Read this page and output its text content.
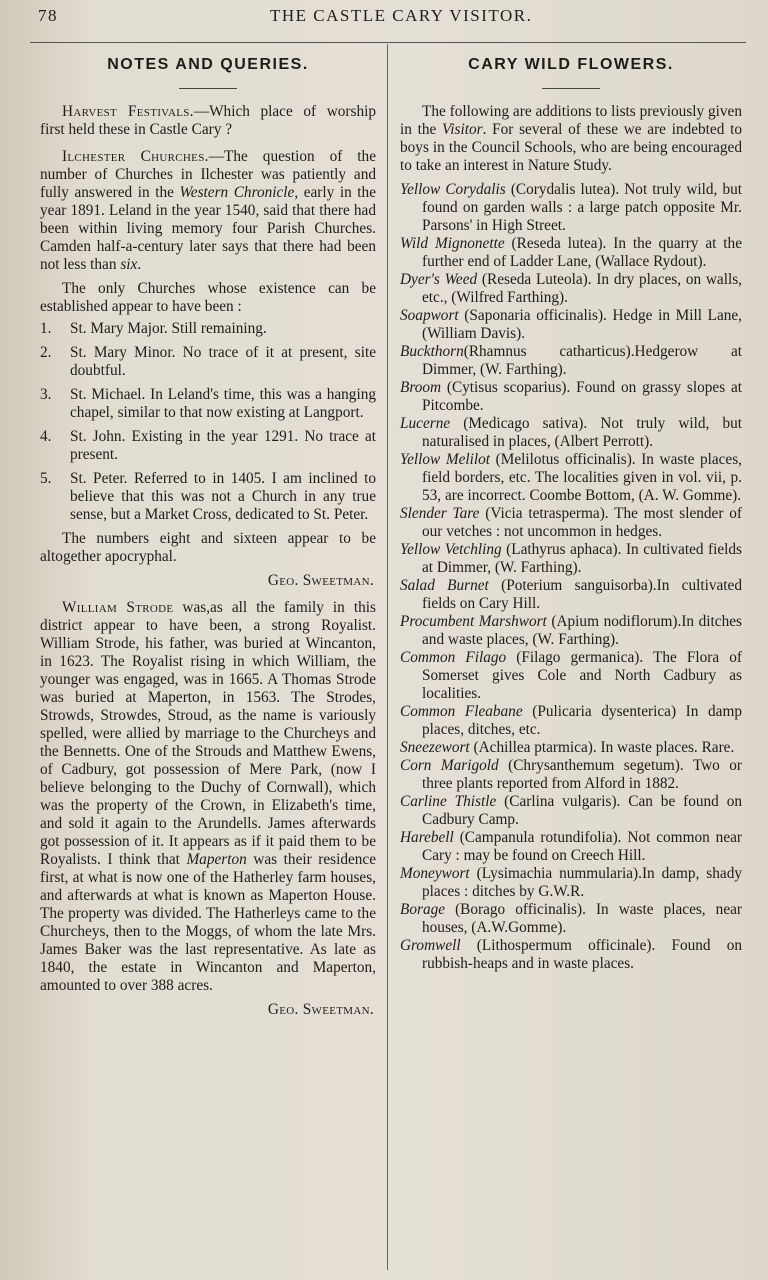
78	THE CASTLE CARY VISITOR.
NOTES AND QUERIES.

Harvest Festivals.—Which place of worship first held these in Castle Cary ?

Ilchester Churches.—The question of the number of Churches in Ilchester was patiently and fully answered in the Western Chronicle, early in the year 1891. Leland in the year 1540, said that there had been within living memory four Parish Churches. Camden half-a-century later says that there had been not less than six.

The only Churches whose existence can be established appear to have been :

1.	St. Mary Major. Still remaining.
2.	St. Mary Minor. No trace of it at present, site doubtful.
3.	St. Michael. In Leland's time, this was a hanging chapel, similar to that now existing at Langport.
4.	St. John. Existing in the year 1291. No trace at present.
5.	St. Peter. Referred to in 1405. I am inclined to believe that this was not a Church in any true sense, but a Market Cross, dedicated to St. Peter.

The numbers eight and sixteen appear to be altogether apocryphal.

Geo. Sweetman.

William Strode was,as all the family in this district appear to have been, a strong Royalist. William Strode, his father, was buried at Wincanton, in 1623. The Royalist rising in which William, the younger was engaged, was in 1665. A Thomas Strode was buried at Maperton, in 1563. The Strodes, Strowds, Strowdes, Stroud, as the name is variously spelled, were allied by marriage to the Churcheys and the Bennetts. One of the Strouds and Matthew Ewens, of Cadbury, got possession of Mere Park, (now I believe belonging to the Duchy of Cornwall), which was the property of the Crown, in Elizabeth's time, and sold it again to the Arundells. James afterwards got possession of it. It appears as if it paid them to be Royalists. I think that Maperton was their residence first, at what is now one of the Hatherley farm houses, and afterwards at what is known as Maperton House. The property was divided. The Hatherleys came to the Churcheys, then to the Moggs, of whom the late Mrs. James Baker was the last representative. As late as 1840, the estate in Wincanton and Maperton, amounted to over 388 acres.

Geo. Sweetman.

CARY WILD FLOWERS.

The following are additions to lists previously given in the Visitor. For several of these we are indebted to boys in the Council Schools, who are being encouraged to take an interest in Nature Study.

Yellow Corydalis (Corydalis lutea). Not truly wild, but found on garden walls : a large patch opposite Mr. Parsons' in High Street.

Wild Mignonette (Reseda lutea). In the quarry at the further end of Ladder Lane, (Wallace Rydout).

Dyer's Weed (Reseda Luteola). In dry places, on walls, etc., (Wilfred Farthing).

Soapwort (Saponaria officinalis). Hedge in Mill Lane, (William Davis).

Buckthorn(Rhamnus catharticus).Hedgerow at Dimmer, (W. Farthing).

Broom (Cytisus scoparius). Found on grassy slopes at Pitcombe.

Lucerne (Medicago sativa). Not truly wild, but naturalised in places, (Albert Perrott).

Yellow Melilot (Melilotus officinalis). In waste places, field borders, etc. The localities given in vol. vii, p. 53, are incorrect. Coombe Bottom, (A. W. Gomme).

Slender Tare (Vicia tetrasperma). The most slender of our vetches : not uncommon in hedges.

Yellow Vetchling (Lathyrus aphaca). In cultivated fields at Dimmer, (W. Farthing).

Salad Burnet (Poterium sanguisorba).In cultivated fields on Cary Hill.

Procumbent Marshwort (Apium nodiflorum).In ditches and waste places, (W. Farthing).

Common Filago (Filago germanica). The Flora of Somerset gives Cole and North Cadbury as localities.

Common Fleabane (Pulicaria dysenterica) In damp places, ditches, etc.

Sneezewort (Achillea ptarmica). In waste places. Rare.

Corn Marigold (Chrysanthemum segetum). Two or three plants reported from Alford in 1882.

Carline Thistle (Carlina vulgaris). Can be found on Cadbury Camp.

Harebell (Campanula rotundifolia). Not common near Cary : may be found on Creech Hill.

Moneywort (Lysimachia nummularia).In damp, shady places : ditches by G.W.R.

Borage (Borago officinalis). In waste places, near houses, (A.W.Gomme).

Gromwell (Lithospermum officinale). Found on rubbish-heaps and in waste places.
